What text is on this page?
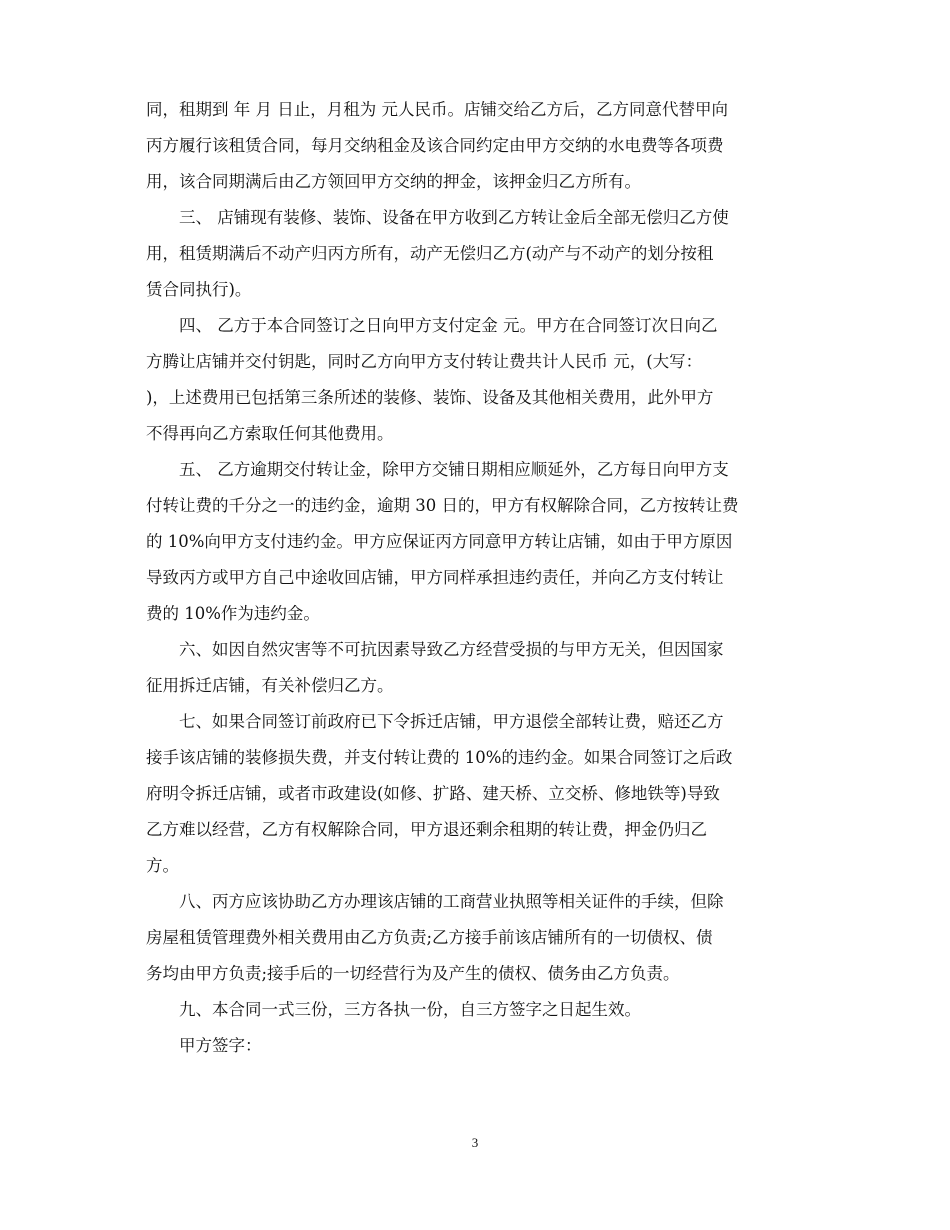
同，租期到 年 月 日止，月租为 元人民币。店铺交给乙方后，乙方同意代替甲向
丙方履行该租赁合同，每月交纳租金及该合同约定由甲方交纳的水电费等各项费
用，该合同期满后由乙方领回甲方交纳的押金，该押金归乙方所有。
三、 店铺现有装修、装饰、设备在甲方收到乙方转让金后全部无偿归乙方使
用，租赁期满后不动产归丙方所有，动产无偿归乙方(动产与不动产的划分按租
赁合同执行)。
四、 乙方于本合同签订之日向甲方支付定金 元。甲方在合同签订次日向乙
方腾让店铺并交付钥匙，同时乙方向甲方支付转让费共计人民币 元，(大写：
)，上述费用已包括第三条所述的装修、装饰、设备及其他相关费用，此外甲方
不得再向乙方索取任何其他费用。
五、 乙方逾期交付转让金，除甲方交铺日期相应顺延外，乙方每日向甲方支
付转让费的千分之一的违约金，逾期 30 日的，甲方有权解除合同，乙方按转让费
的 10%向甲方支付违约金。甲方应保证丙方同意甲方转让店铺，如由于甲方原因
导致丙方或甲方自己中途收回店铺，甲方同样承担违约责任，并向乙方支付转让
费的 10%作为违约金。
六、如因自然灾害等不可抗因素导致乙方经营受损的与甲方无关，但因国家
征用拆迁店铺，有关补偿归乙方。
七、如果合同签订前政府已下令拆迁店铺，甲方退偿全部转让费，赔还乙方
接手该店铺的装修损失费，并支付转让费的 10%的违约金。如果合同签订之后政
府明令拆迁店铺，或者市政建设(如修、扩路、建天桥、立交桥、修地铁等)导致
乙方难以经营，乙方有权解除合同，甲方退还剩余租期的转让费，押金仍归乙
方。
八、丙方应该协助乙方办理该店铺的工商营业执照等相关证件的手续，但除
房屋租赁管理费外相关费用由乙方负责;乙方接手前该店铺所有的一切债权、债
务均由甲方负责;接手后的一切经营行为及产生的债权、债务由乙方负责。
九、本合同一式三份，三方各执一份，自三方签字之日起生效。
甲方签字：
3
